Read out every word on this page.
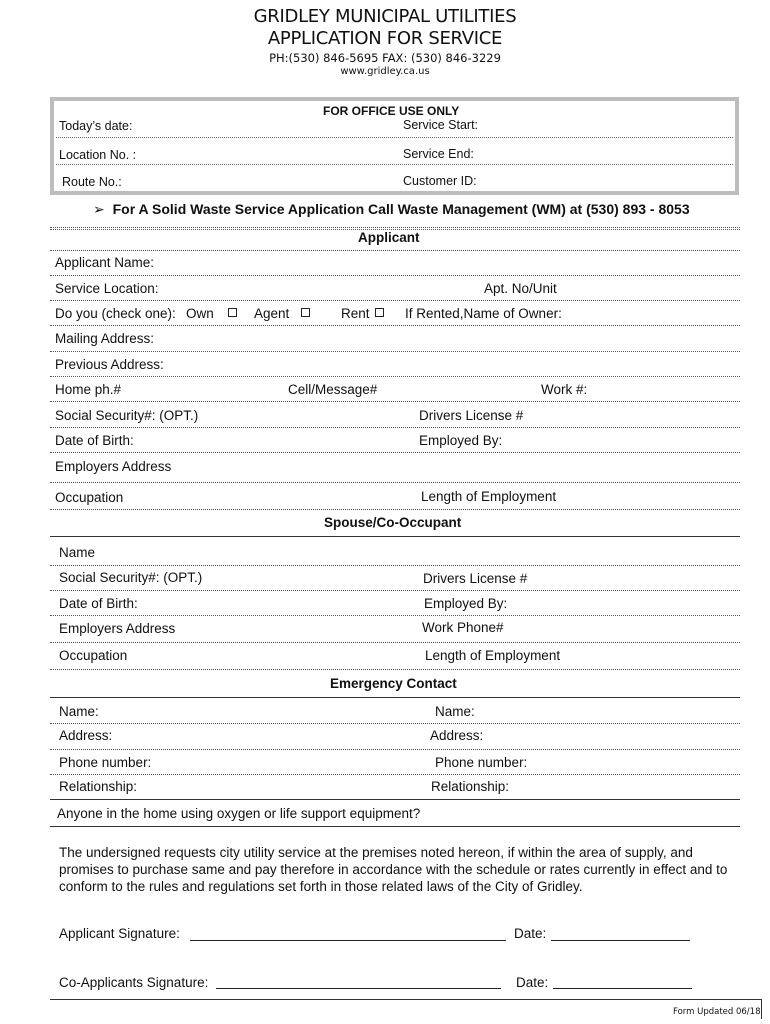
GRIDLEY MUNICIPAL UTILITIES
APPLICATION FOR SERVICE
PH:(530) 846-5695 FAX: (530) 846-3229
www.gridley.ca.us
FOR OFFICE USE ONLY
Today’s date:	Service Start:
Location No. :	Service End:
Route No.:	Customer ID:
➢ For A Solid Waste Service Application Call Waste Management (WM) at (530) 893 - 8053
Applicant
Applicant Name:
Service Location:	Apt. No/Unit
Do you (check one): Own	Agent	Rent	If Rented,Name of Owner:
Mailing Address:
Previous Address:
Home ph.#	Cell/Message#	Work #:
Social Security#: (OPT.)	Drivers License #
Date of Birth:	Employed By:
Employers Address
Occupation	Length of Employment
Spouse/Co-Occupant
Name
Social Security#: (OPT.)	Drivers License #
Date of Birth:	Employed By:
Employers Address	Work Phone#
Occupation	Length of Employment
Emergency Contact
Name:	Name:
Address:	Address:
Phone number:	Phone number:
Relationship:	Relationship:
Anyone in the home using oxygen or life support equipment?
The undersigned requests city utility service at the premises noted hereon, if within the area of supply, and promises to purchase same and pay therefore in accordance with the schedule or rates currently in effect and to conform to the rules and regulations set forth in those related laws of the City of Gridley.
Applicant Signature:	Date:
Co-Applicants Signature:	Date:
Form Updated 06/18
